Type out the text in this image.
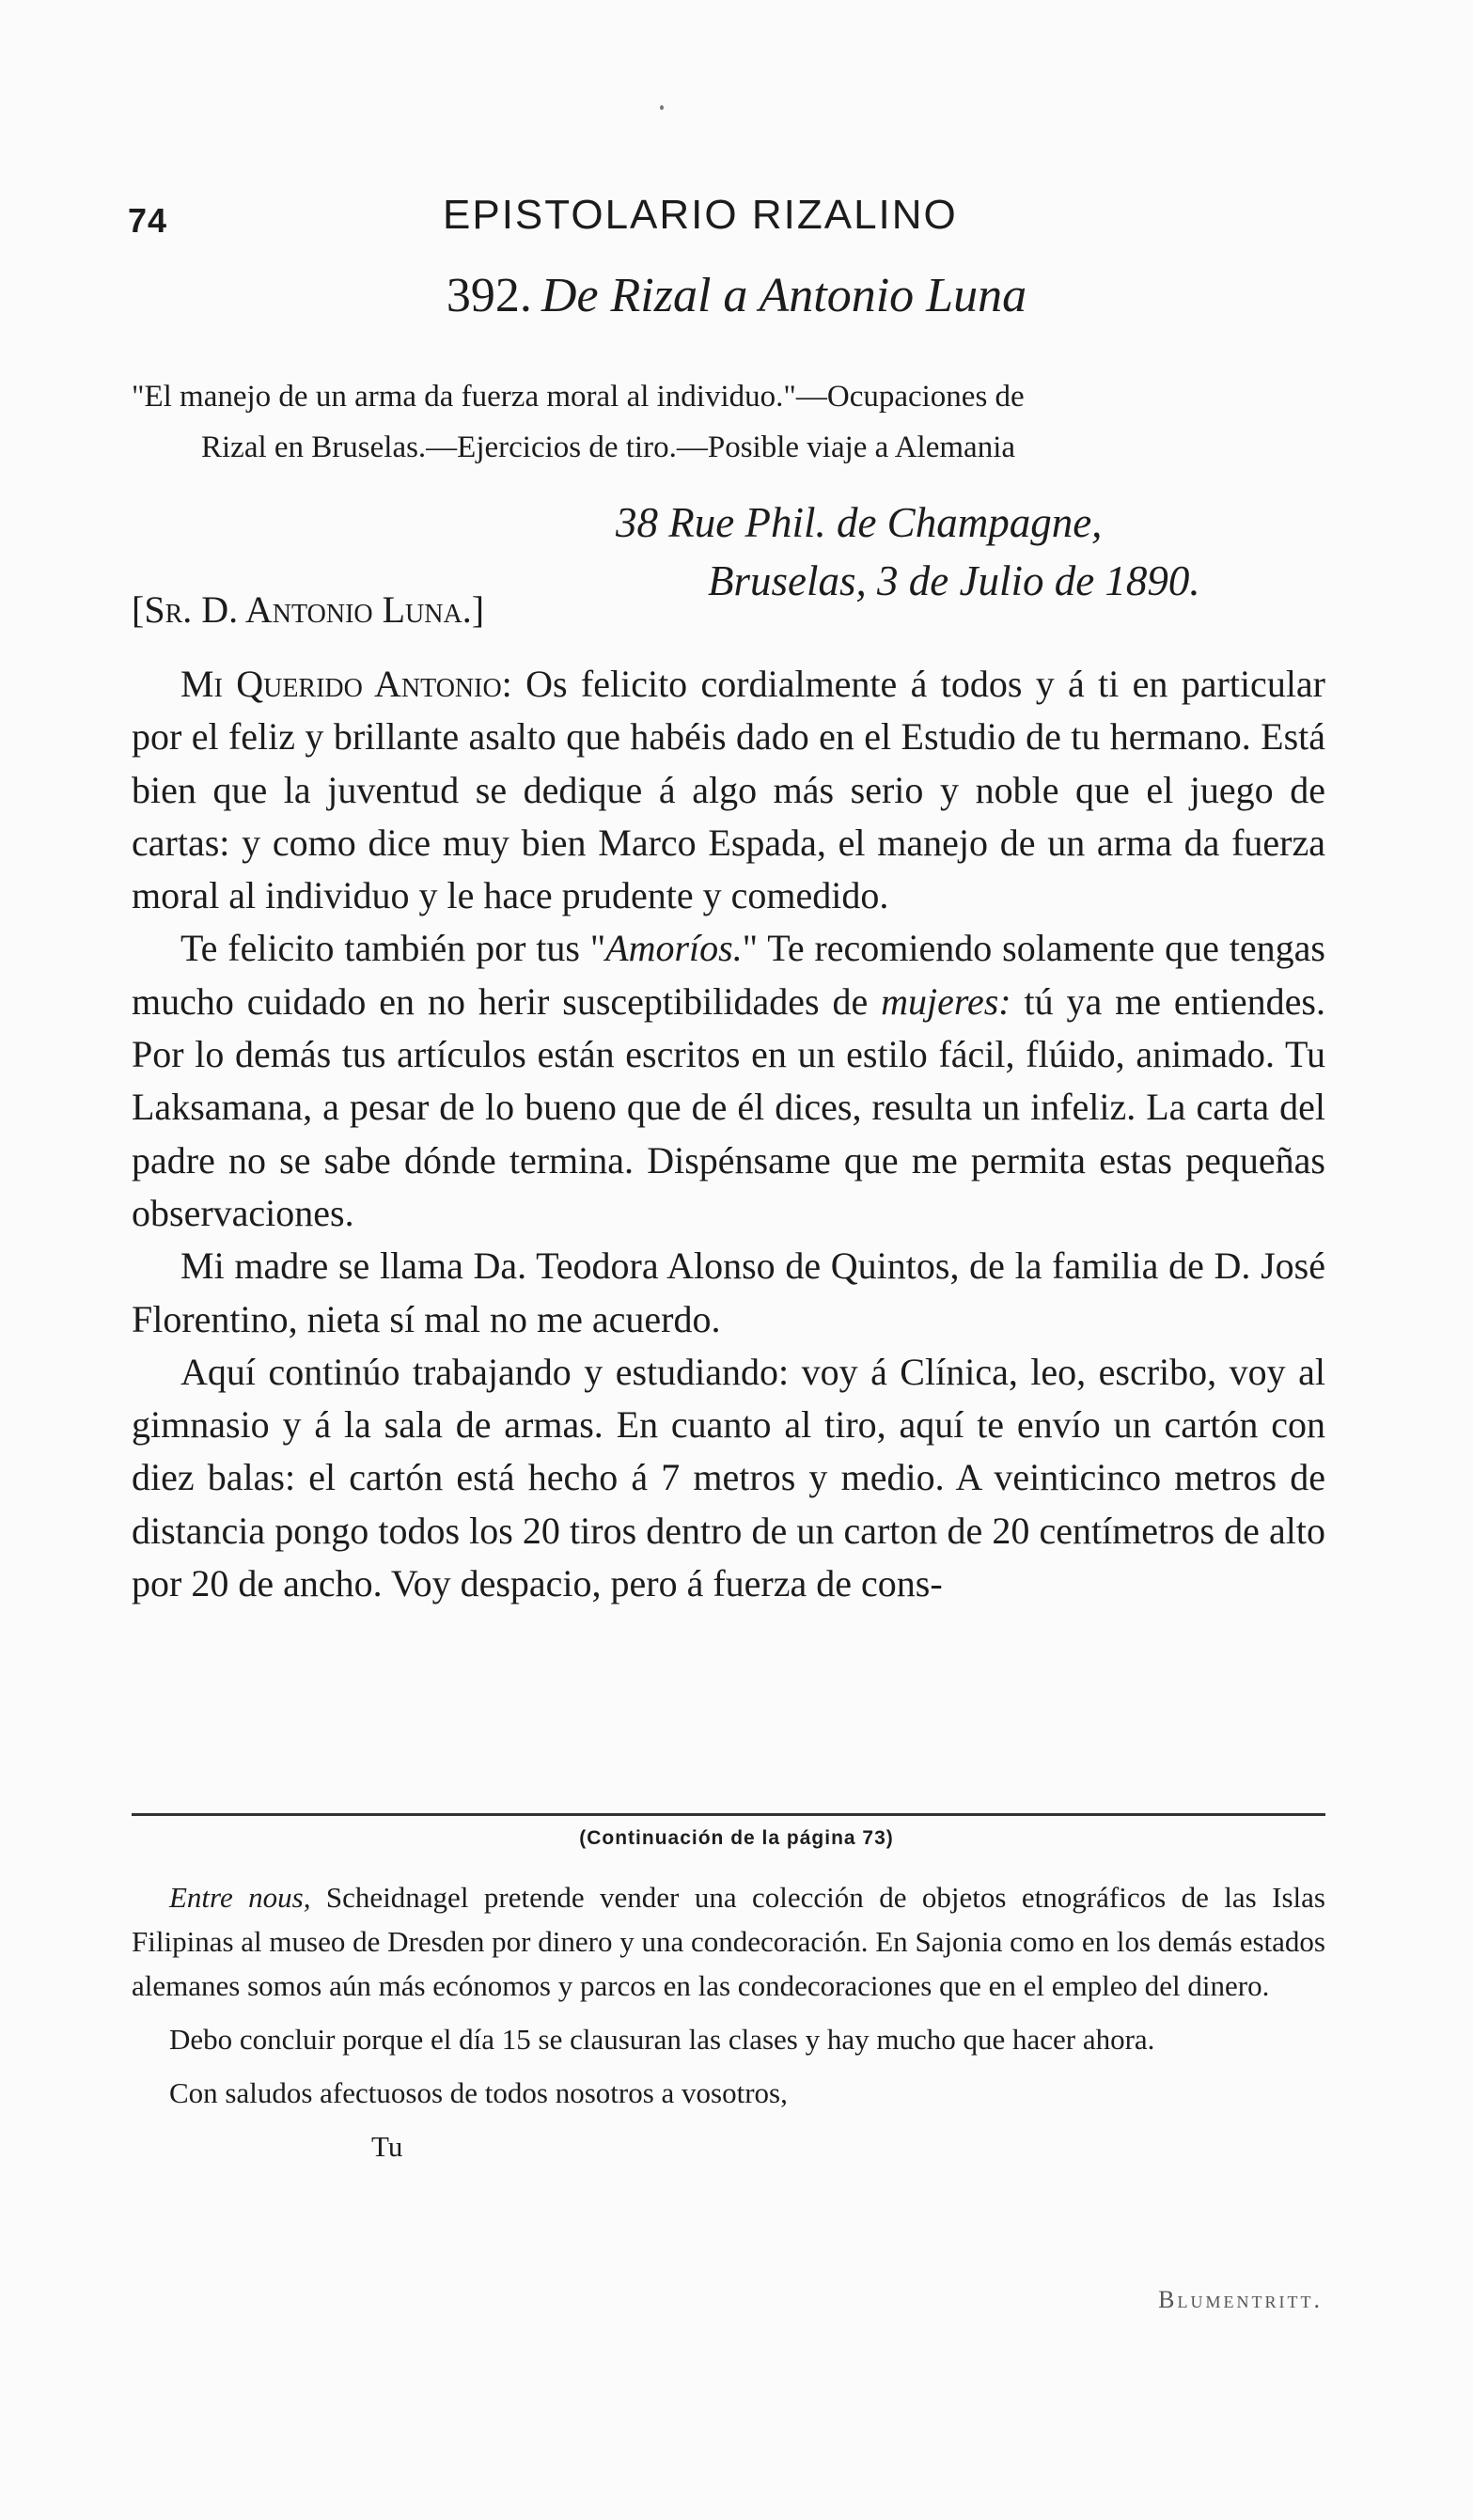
74	EPISTOLARIO RIZALINO
392. De Rizal a Antonio Luna
"El manejo de un arma da fuerza moral al individuo."—Ocupaciones de
Rizal en Bruselas.—Ejercicios de tiro.—Posible viaje a Alemania
38 Rue Phil. de Champagne,
Bruselas, 3 de Julio de 1890.
[Sr. D. Antonio Luna.]

Mi Querido Antonio: Os felicito cordialmente á todos y á ti en particular por el feliz y brillante asalto que habéis dado en el Estudio de tu hermano. Está bien que la juventud se dedique á algo más serio y noble que el juego de cartas: y como dice muy bien Marco Espada, el manejo de un arma da fuerza moral al individuo y le hace prudente y comedido.

Te felicito también por tus "Amoríos." Te recomiendo solamente que tengas mucho cuidado en no herir susceptibilidades de mujeres: tú ya me entiendes. Por lo demás tus artículos están escritos en un estilo fácil, flúido, animado. Tu Laksamana, a pesar de lo bueno que de él dices, resulta un infeliz. La carta del padre no se sabe dónde termina. Dispénsame que me permita estas pequeñas observaciones.

Mi madre se llama Da. Teodora Alonso de Quintos, de la familia de D. José Florentino, nieta sí mal no me acuerdo.

Aquí continúo trabajando y estudiando: voy á Clínica, leo, escribo, voy al gimnasio y á la sala de armas. En cuanto al tiro, aquí te envío un cartón con diez balas: el cartón está hecho á 7 metros y medio. A veinticinco metros de distancia pongo todos los 20 tiros dentro de un carton de 20 centímetros de alto por 20 de ancho. Voy despacio, pero á fuerza de cons-

(Continuación de la página 73)

Entre nous, Scheidnagel pretende vender una colección de objetos etnográficos de las Islas Filipinas al museo de Dresden por dinero y una condecoración. En Sajonia como en los demás estados alemanes somos aún más ecónomos y parcos en las condecoraciones que en el empleo del dinero.

Debo concluir porque el día 15 se clausuran las clases y hay mucho que hacer ahora.

Con saludos afectuosos de todos nosotros a vosotros,

Tu

Blumentritt.
